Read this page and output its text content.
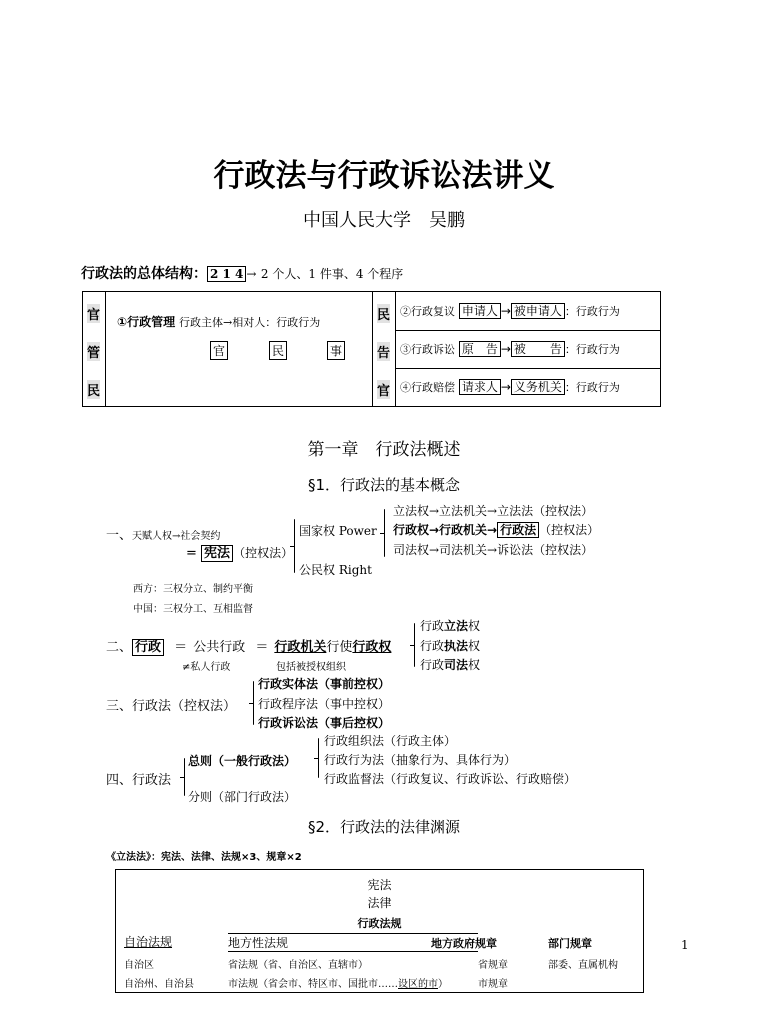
行政法与行政诉讼法讲义
中国人民大学　吴鹏
行政法的总体结构： 2 1 4 → 2 个人、1 件事、4 个程序
官
管
民
①行政管理 行政主体→相对人：行政行为
官	民	事
民
告
官
②行政复议 申请人 → 被申请人 ：行政行为
③行政诉讼 原　告 → 被　　告 ：行政行为
④行政赔偿 请求人 → 义务机关 ：行政行为
第一章　行政法概述
§1．行政法的基本概念
一、天赋人权→社会契约
= 宪法 （控权法）
西方：三权分立、制约平衡
中国：三权分工、互相监督
国家权 Power
公民权 Right
立法权→立法机关→立法法（控权法）
行政权→行政机关→ 行政法 （控权法）
司法权→司法机关→诉讼法（控权法）
二、 行政 ＝ 公共行政 ＝ 行政机关行使行政权
≠私人行政	包括被授权组织
行政立法权
行政执法权
行政司法权
三、行政法（控权法）
行政实体法（事前控权）
行政程序法（事中控权）
行政诉讼法（事后控权）
四、行政法
总则（一般行政法）
分则（部门行政法）
行政组织法（行政主体）
行政行为法（抽象行为、具体行为）
行政监督法（行政复议、行政诉讼、行政赔偿）
§2．行政法的法律渊源
《立法法》：宪法、法律、法规×3、规章×2
宪法
法律
行政法规
自治法规	地方性法规	地方政府规章	部门规章
自治区	省法规（省、自治区、直辖市）	省规章	部委、直属机构
自治州、自治县	市法规（省会市、特区市、国批市……设区的市）	市规章
1
